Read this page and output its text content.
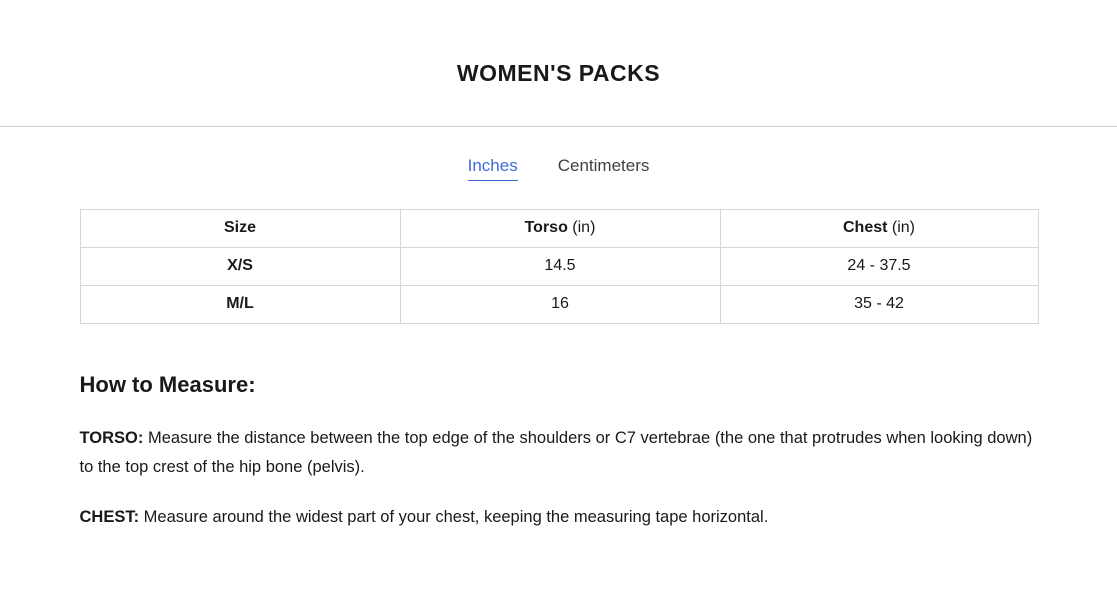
WOMEN'S PACKS
Inches Centimeters
Size	Torso (in)	Chest (in)
X/S	14.5	24 - 37.5
M/L	16	35 - 42
How to Measure:

TORSO: Measure the distance between the top edge of the shoulders or C7 vertebrae (the one that protrudes when looking down) to the top crest of the hip bone (pelvis).

CHEST: Measure around the widest part of your chest, keeping the measuring tape horizontal.
